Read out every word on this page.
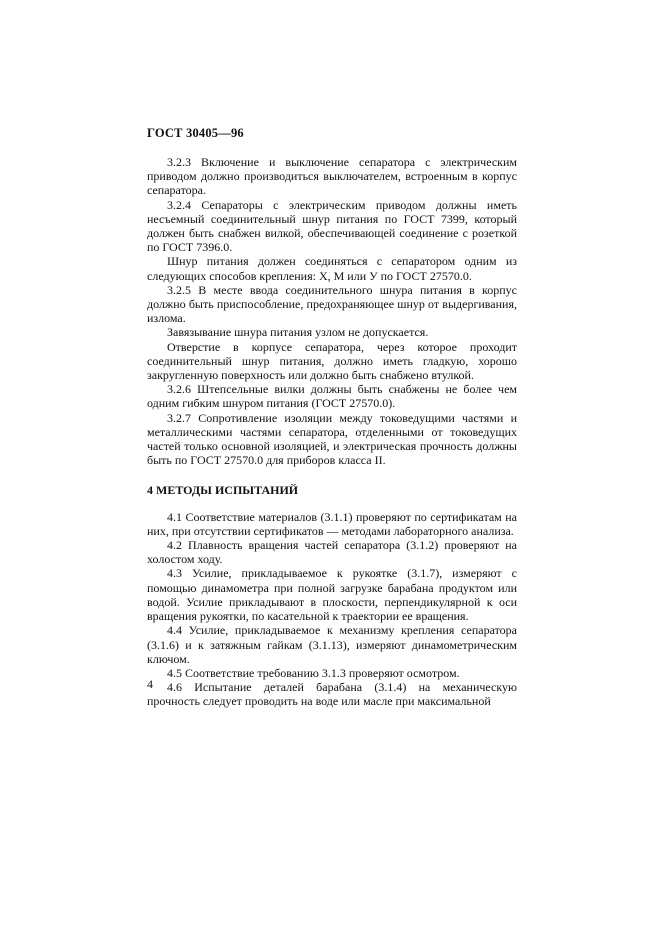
ГОСТ 30405—96

3.2.3 Включение и выключение сепаратора с электрическим приводом должно производиться выключателем, встроенным в корпус сепаратора.

3.2.4 Сепараторы с электрическим приводом должны иметь несъемный соединительный шнур питания по ГОСТ 7399, который должен быть снабжен вилкой, обеспечивающей соединение с розеткой по ГОСТ 7396.0.

Шнур питания должен соединяться с сепаратором одним из следующих способов крепления: X, M или У по ГОСТ 27570.0.

3.2.5 В месте ввода соединительного шнура питания в корпус должно быть приспособление, предохраняющее шнур от выдергивания, излома.

Завязывание шнура питания узлом не допускается.

Отверстие в корпусе сепаратора, через которое проходит соединительный шнур питания, должно иметь гладкую, хорошо закругленную поверхность или должно быть снабжено втулкой.

3.2.6 Штепсельные вилки должны быть снабжены не более чем одним гибким шнуром питания (ГОСТ 27570.0).

3.2.7 Сопротивление изоляции между токоведущими частями и металлическими частями сепаратора, отделенными от токоведущих частей только основной изоляцией, и электрическая прочность должны быть по ГОСТ 27570.0 для приборов класса II.

4 МЕТОДЫ ИСПЫТАНИЙ

4.1 Соответствие материалов (3.1.1) проверяют по сертификатам на них, при отсутствии сертификатов — методами лабораторного анализа.

4.2 Плавность вращения частей сепаратора (3.1.2) проверяют на холостом ходу.

4.3 Усилие, прикладываемое к рукоятке (3.1.7), измеряют с помощью динамометра при полной загрузке барабана продуктом или водой. Усилие прикладывают в плоскости, перпендикулярной к оси вращения рукоятки, по касательной к траектории ее вращения.

4.4 Усилие, прикладываемое к механизму крепления сепаратора (3.1.6) и к затяжным гайкам (3.1.13), измеряют динамометрическим ключом.

4.5 Соответствие требованию 3.1.3 проверяют осмотром.

4.6 Испытание деталей барабана (3.1.4) на механическую прочность следует проводить на воде или масле при максимальной

4
